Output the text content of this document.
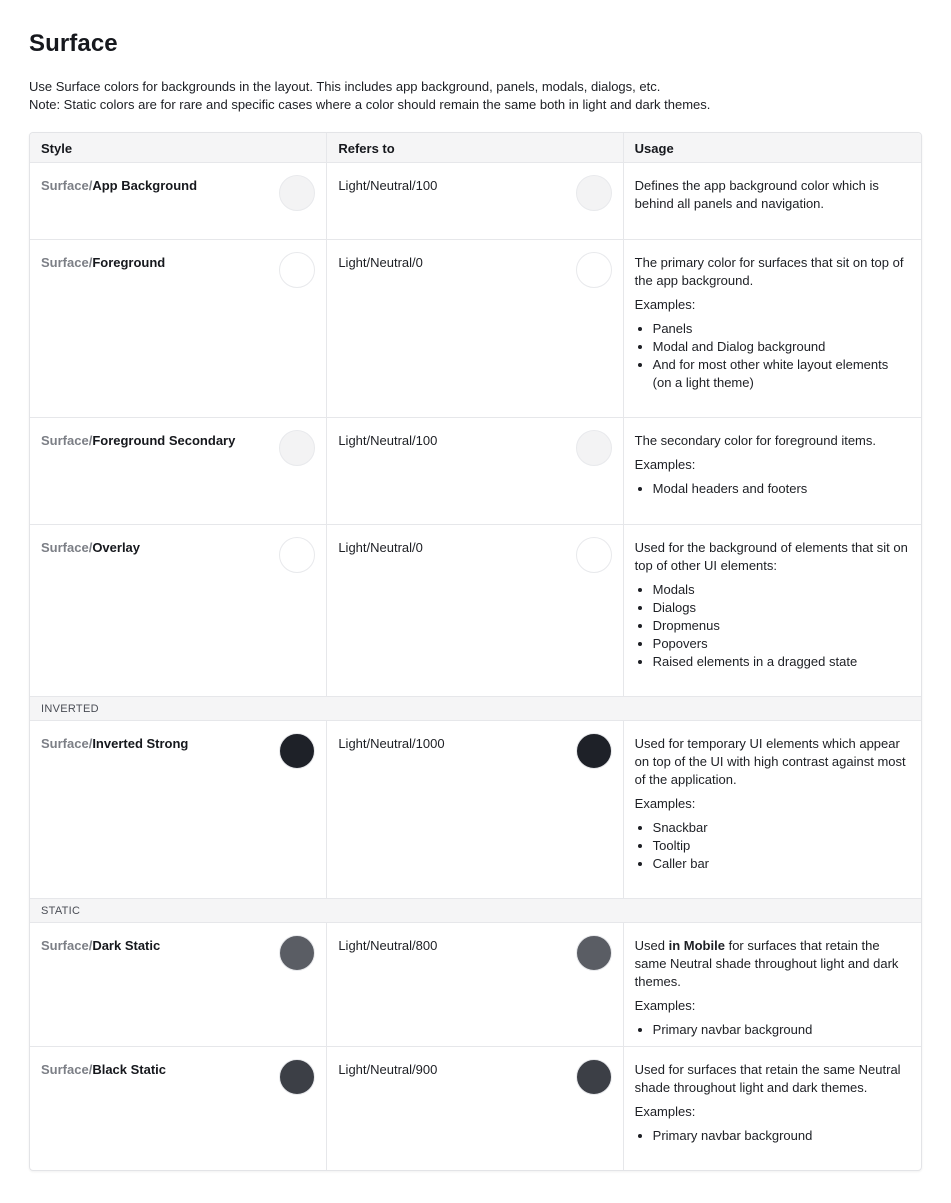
Surface
Use Surface colors for backgrounds in the layout. This includes app background, panels, modals, dialogs, etc.
Note: Static colors are for rare and specific cases where a color should remain the same both in light and dark themes.
Style	Refers to	Usage
Surface/App Background	Light/Neutral/100	Defines the app background color which is behind all panels and navigation.

Surface/Foreground	Light/Neutral/0	The primary color for surfaces that sit on top of the app background.

Examples:

• Panels
• Modal and Dialog background
• And for most other white layout elements (on a light theme)
Surface/Foreground Secondary	Light/Neutral/100	The secondary color for foreground items.

Examples:

• Modal headers and footers
Surface/Overlay	Light/Neutral/0	Used for the background of elements that sit on top of other UI elements:

• Modals
• Dialogs
• Dropmenus
• Popovers
• Raised elements in a dragged state
INVERTED
Surface/Inverted Strong	Light/Neutral/1000	Used for temporary UI elements which appear on top of the UI with high contrast against most of the application.

Examples:

• Snackbar
• Tooltip
• Caller bar
STATIC
Surface/Dark Static	Light/Neutral/800	Used in Mobile for surfaces that retain the same Neutral shade throughout light and dark themes.

Examples:

• Primary navbar background
Surface/Black Static	Light/Neutral/900	Used for surfaces that retain the same Neutral shade throughout light and dark themes.

Examples:

• Primary navbar background
